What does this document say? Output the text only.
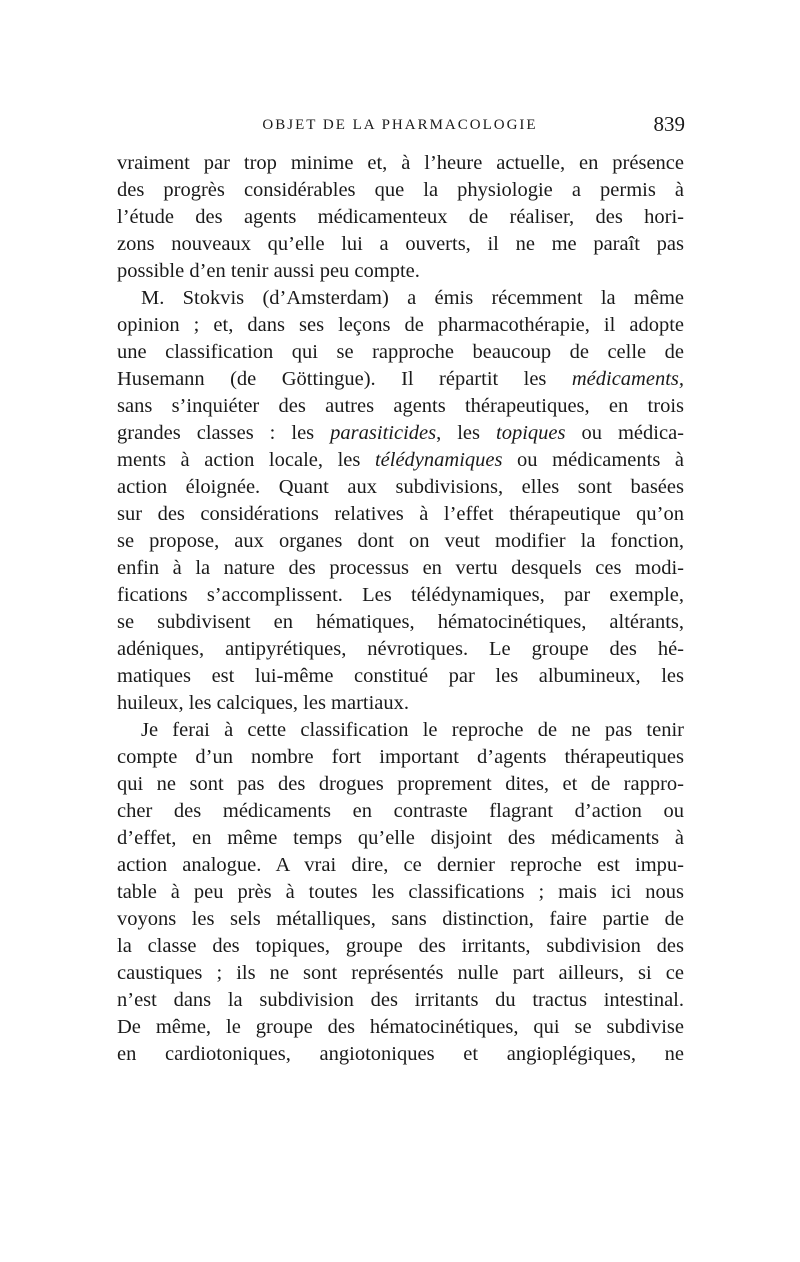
OBJET DE LA PHARMACOLOGIE	839
vraiment par trop minime et, à l’heure actuelle, en présence
des progrès considérables que la physiologie a permis à
l’étude des agents médicamenteux de réaliser, des hori-
zons nouveaux qu’elle lui a ouverts, il ne me paraît pas
possible d’en tenir aussi peu compte.
M. Stokvis (d’Amsterdam) a émis récemment la même
opinion ; et, dans ses leçons de pharmacothérapie, il adopte
une classification qui se rapproche beaucoup de celle de
Husemann (de Göttingue). Il répartit les médicaments,
sans s’inquiéter des autres agents thérapeutiques, en trois
grandes classes : les parasiticides, les topiques ou médica-
ments à action locale, les télédynamiques ou médicaments à
action éloignée. Quant aux subdivisions, elles sont basées
sur des considérations relatives à l’effet thérapeutique qu’on
se propose, aux organes dont on veut modifier la fonction,
enfin à la nature des processus en vertu desquels ces modi-
fications s’accomplissent. Les télédynamiques, par exemple,
se subdivisent en hématiques, hématocinétiques, altérants,
adéniques, antipyrétiques, névrotiques. Le groupe des hé-
matiques est lui-même constitué par les albumineux, les
huileux, les calciques, les martiaux.
Je ferai à cette classification le reproche de ne pas tenir
compte d’un nombre fort important d’agents thérapeutiques
qui ne sont pas des drogues proprement dites, et de rappro-
cher des médicaments en contraste flagrant d’action ou
d’effet, en même temps qu’elle disjoint des médicaments à
action analogue. A vrai dire, ce dernier reproche est impu-
table à peu près à toutes les classifications ; mais ici nous
voyons les sels métalliques, sans distinction, faire partie de
la classe des topiques, groupe des irritants, subdivision des
caustiques ; ils ne sont représentés nulle part ailleurs, si ce
n’est dans la subdivision des irritants du tractus intestinal.
De même, le groupe des hématocinétiques, qui se subdivise
en cardiotoniques, angiotoniques et angioplégiques, ne
